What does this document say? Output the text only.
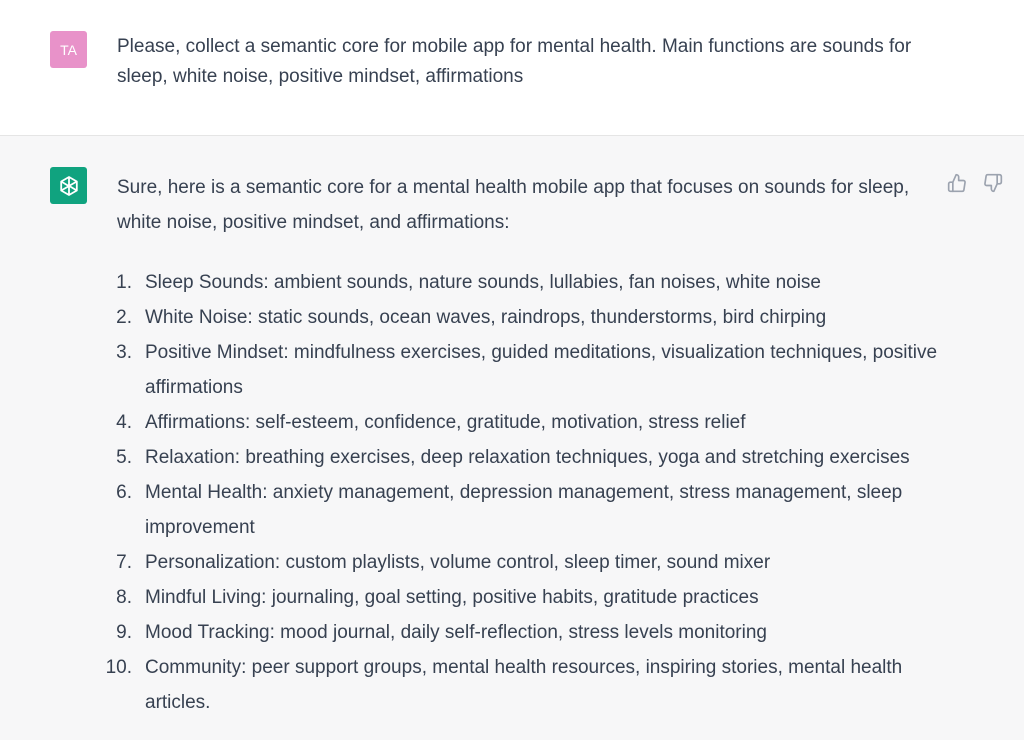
TA	Please, collect a semantic core for mobile app for mental health. Main functions are sounds for sleep, white noise, positive mindset, affirmations

Sure, here is a semantic core for a mental health mobile app that focuses on sounds for sleep, white noise, positive mindset, and affirmations:

1. Sleep Sounds: ambient sounds, nature sounds, lullabies, fan noises, white noise
2. White Noise: static sounds, ocean waves, raindrops, thunderstorms, bird chirping
3. Positive Mindset: mindfulness exercises, guided meditations, visualization techniques, positive affirmations
4. Affirmations: self-esteem, confidence, gratitude, motivation, stress relief
5. Relaxation: breathing exercises, deep relaxation techniques, yoga and stretching exercises
6. Mental Health: anxiety management, depression management, stress management, sleep improvement
7. Personalization: custom playlists, volume control, sleep timer, sound mixer
8. Mindful Living: journaling, goal setting, positive habits, gratitude practices
9. Mood Tracking: mood journal, daily self-reflection, stress levels monitoring
10. Community: peer support groups, mental health resources, inspiring stories, mental health articles.
